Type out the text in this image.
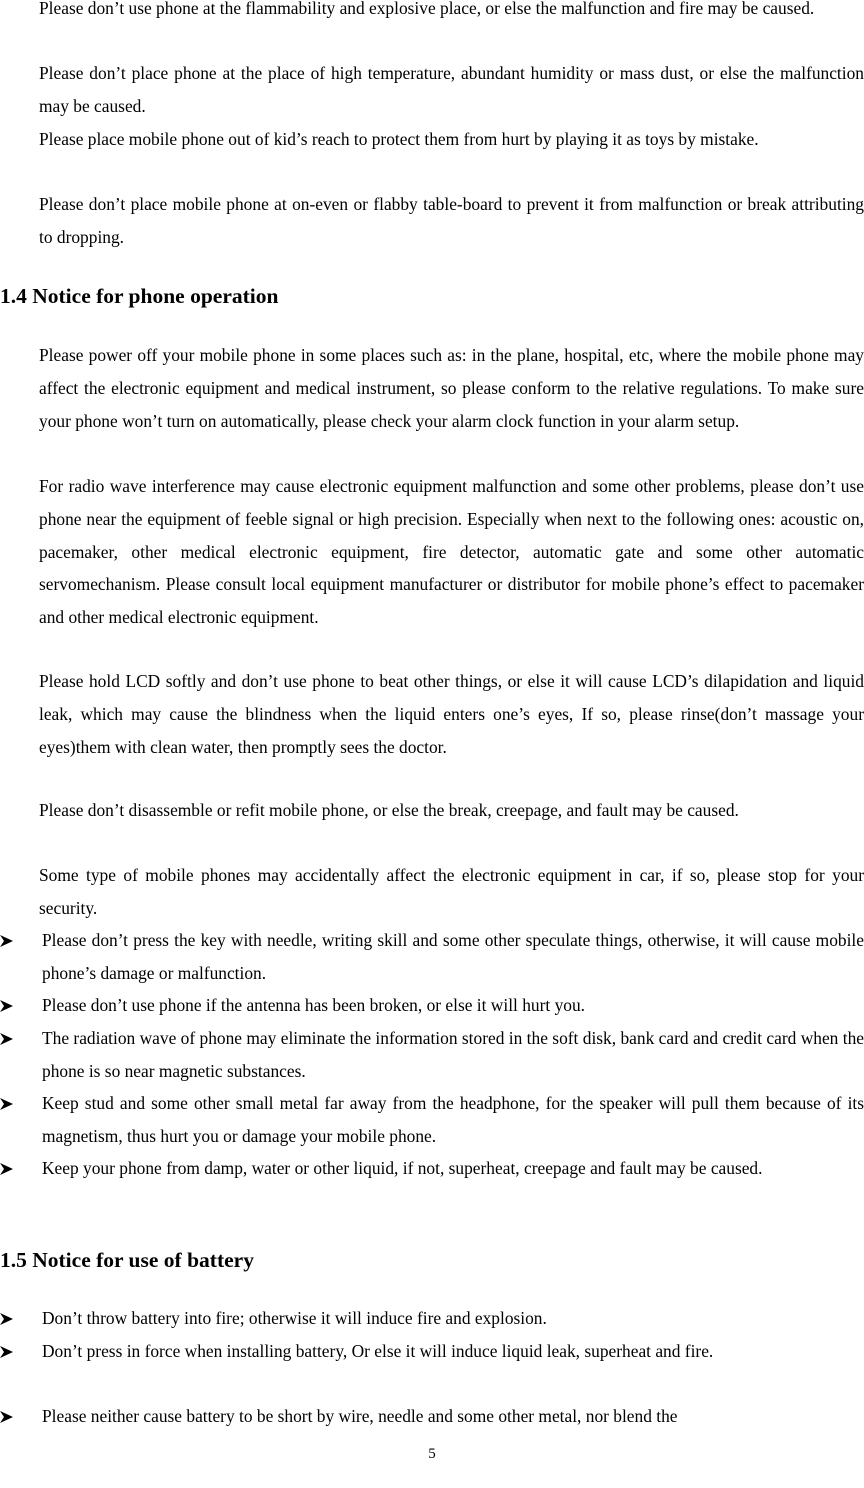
Please don’t use phone at the flammability and explosive place, or else the malfunction and fire may be caused.

Please don’t place phone at the place of high temperature, abundant humidity or mass dust, or else the malfunction may be caused.

Please place mobile phone out of kid’s reach to protect them from hurt by playing it as toys by mistake.

Please don’t place mobile phone at on-even or flabby table-board to prevent it from malfunction or break attributing to dropping.

1.4 Notice for phone operation

Please power off your mobile phone in some places such as: in the plane, hospital, etc, where the mobile phone may affect the electronic equipment and medical instrument, so please conform to the relative regulations. To make sure your phone won’t turn on automatically, please check your alarm clock function in your alarm setup.

For radio wave interference may cause electronic equipment malfunction and some other problems, please don’t use phone near the equipment of feeble signal or high precision. Especially when next to the following ones: acoustic on, pacemaker, other medical electronic equipment, fire detector, automatic gate and some other automatic servomechanism. Please consult local equipment manufacturer or distributor for mobile phone’s effect to pacemaker and other medical electronic equipment.

Please hold LCD softly and don’t use phone to beat other things, or else it will cause LCD’s dilapidation and liquid leak, which may cause the blindness when the liquid enters one’s eyes, If so, please rinse(don’t massage your eyes)them with clean water, then promptly sees the doctor.

Please don’t disassemble or refit mobile phone, or else the break, creepage, and fault may be caused.

Some type of mobile phones may accidentally affect the electronic equipment in car, if so, please stop for your security.

Please don’t press the key with needle, writing skill and some other speculate things, otherwise, it will cause mobile phone’s damage or malfunction.

Please don’t use phone if the antenna has been broken, or else it will hurt you.

The radiation wave of phone may eliminate the information stored in the soft disk, bank card and credit card when the phone is so near magnetic substances.

Keep stud and some other small metal far away from the headphone, for the speaker will pull them because of its magnetism, thus hurt you or damage your mobile phone.

Keep your phone from damp, water or other liquid, if not, superheat, creepage and fault may be caused.

1.5 Notice for use of battery

Don’t throw battery into fire; otherwise it will induce fire and explosion.

Don’t press in force when installing battery, Or else it will induce liquid leak, superheat and fire.

Please neither cause battery to be short by wire, needle and some other metal, nor blend the

5
